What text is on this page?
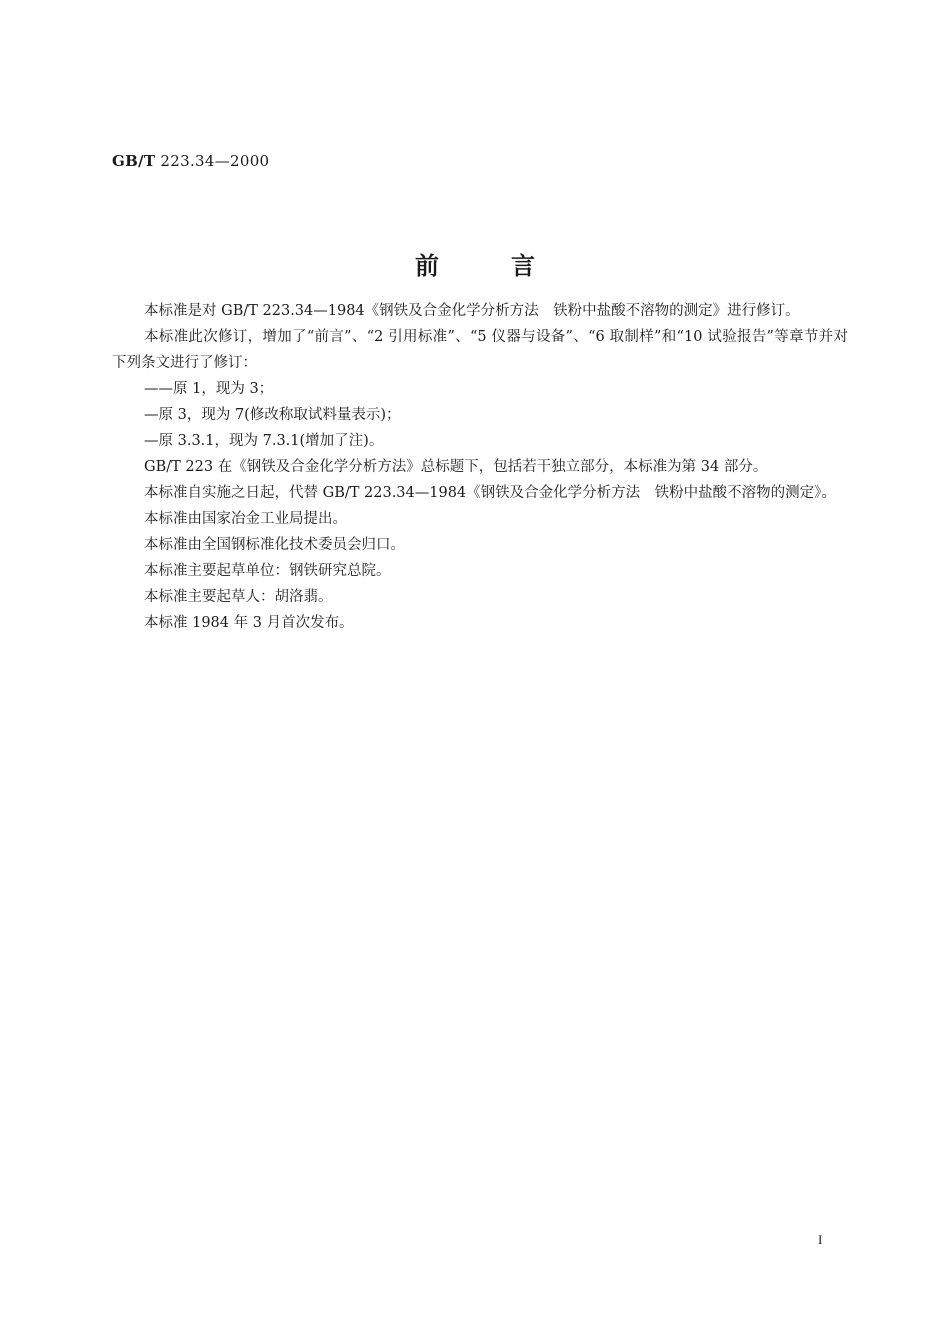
GB/T 223.34—2000
前言

本标准是对 GB/T 223.34—1984《钢铁及合金化学分析方法　铁粉中盐酸不溶物的测定》进行修订。

本标准此次修订，增加了“前言”、“2 引用标准”、“5 仪器与设备”、“6 取制样”和“10 试验报告”等章节并对下列条文进行了修订：

——原 1，现为 3；

—原 3，现为 7(修改称取试料量表示)；

—原 3.3.1，现为 7.3.1(增加了注)。

GB/T 223 在《钢铁及合金化学分析方法》总标题下，包括若干独立部分，本标准为第 34 部分。

本标准自实施之日起，代替 GB/T 223.34—1984《钢铁及合金化学分析方法　铁粉中盐酸不溶物的测定》。

本标准由国家冶金工业局提出。

本标准由全国钢标准化技术委员会归口。

本标准主要起草单位：钢铁研究总院。

本标准主要起草人：胡洛翡。

本标准 1984 年 3 月首次发布。

I
